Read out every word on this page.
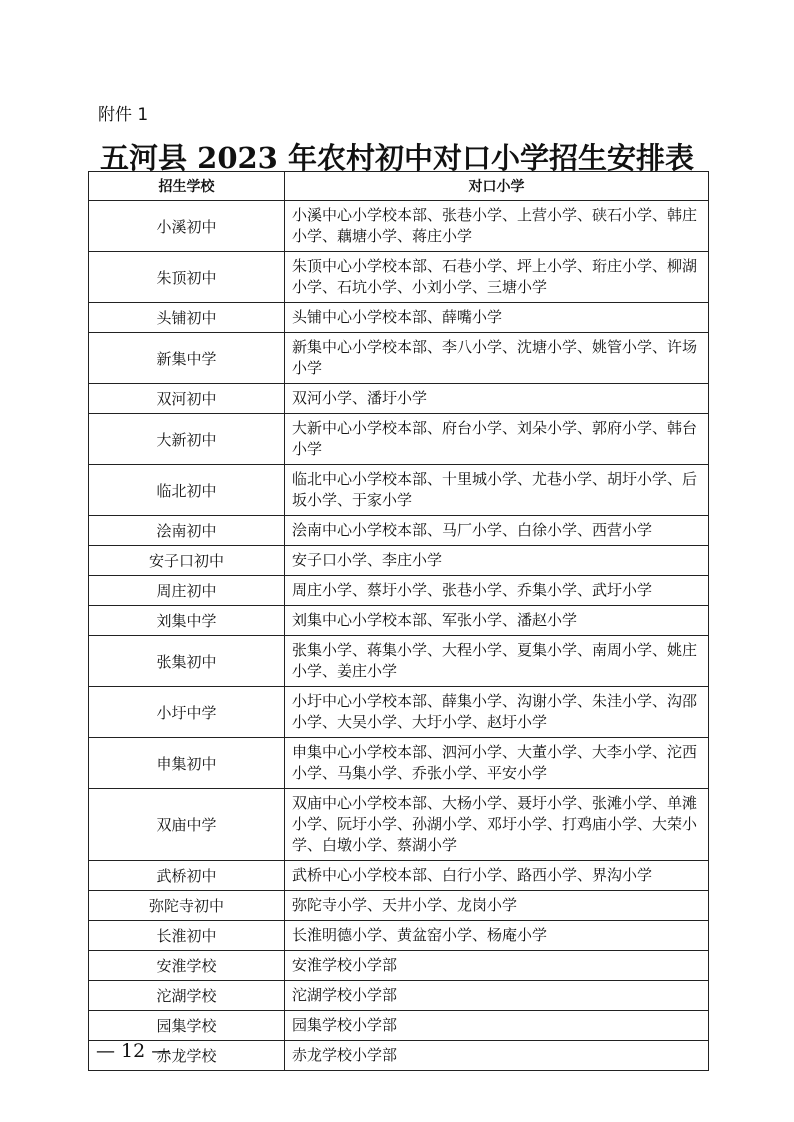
附件 1

五河县 2023 年农村初中对口小学招生安排表
招生学校	对口小学
小溪初中	小溪中心小学校本部、张巷小学、上营小学、硖石小学、韩庄小学、藕塘小学、蒋庄小学
朱顶初中	朱顶中心小学校本部、石巷小学、坪上小学、珩庄小学、柳湖小学、石坑小学、小刘小学、三塘小学
头铺初中	头铺中心小学校本部、薛嘴小学
新集中学	新集中心小学校本部、李八小学、沈塘小学、姚管小学、许场小学
双河初中	双河小学、潘圩小学
大新初中	大新中心小学校本部、府台小学、刘朵小学、郭府小学、韩台小学
临北初中	临北中心小学校本部、十里城小学、尤巷小学、胡圩小学、后坂小学、于家小学
浍南初中	浍南中心小学校本部、马厂小学、白徐小学、西营小学
安子口初中	安子口小学、李庄小学
周庄初中	周庄小学、蔡圩小学、张巷小学、乔集小学、武圩小学
刘集中学	刘集中心小学校本部、军张小学、潘赵小学
张集初中	张集小学、蒋集小学、大程小学、夏集小学、南周小学、姚庄小学、姜庄小学
小圩中学	小圩中心小学校本部、薛集小学、沟谢小学、朱洼小学、沟邵小学、大吴小学、大圩小学、赵圩小学
申集初中	申集中心小学校本部、泗河小学、大董小学、大李小学、沱西小学、马集小学、乔张小学、平安小学
双庙中学	双庙中心小学校本部、大杨小学、聂圩小学、张滩小学、单滩小学、阮圩小学、孙湖小学、邓圩小学、打鸡庙小学、大荣小学、白墩小学、蔡湖小学
武桥初中	武桥中心小学校本部、白行小学、路西小学、界沟小学
弥陀寺初中	弥陀寺小学、天井小学、龙岗小学
长淮初中	长淮明德小学、黄盆窑小学、杨庵小学
安淮学校	安淮学校小学部
沱湖学校	沱湖学校小学部
园集学校	园集学校小学部
赤龙学校	赤龙学校小学部

— 12 —
